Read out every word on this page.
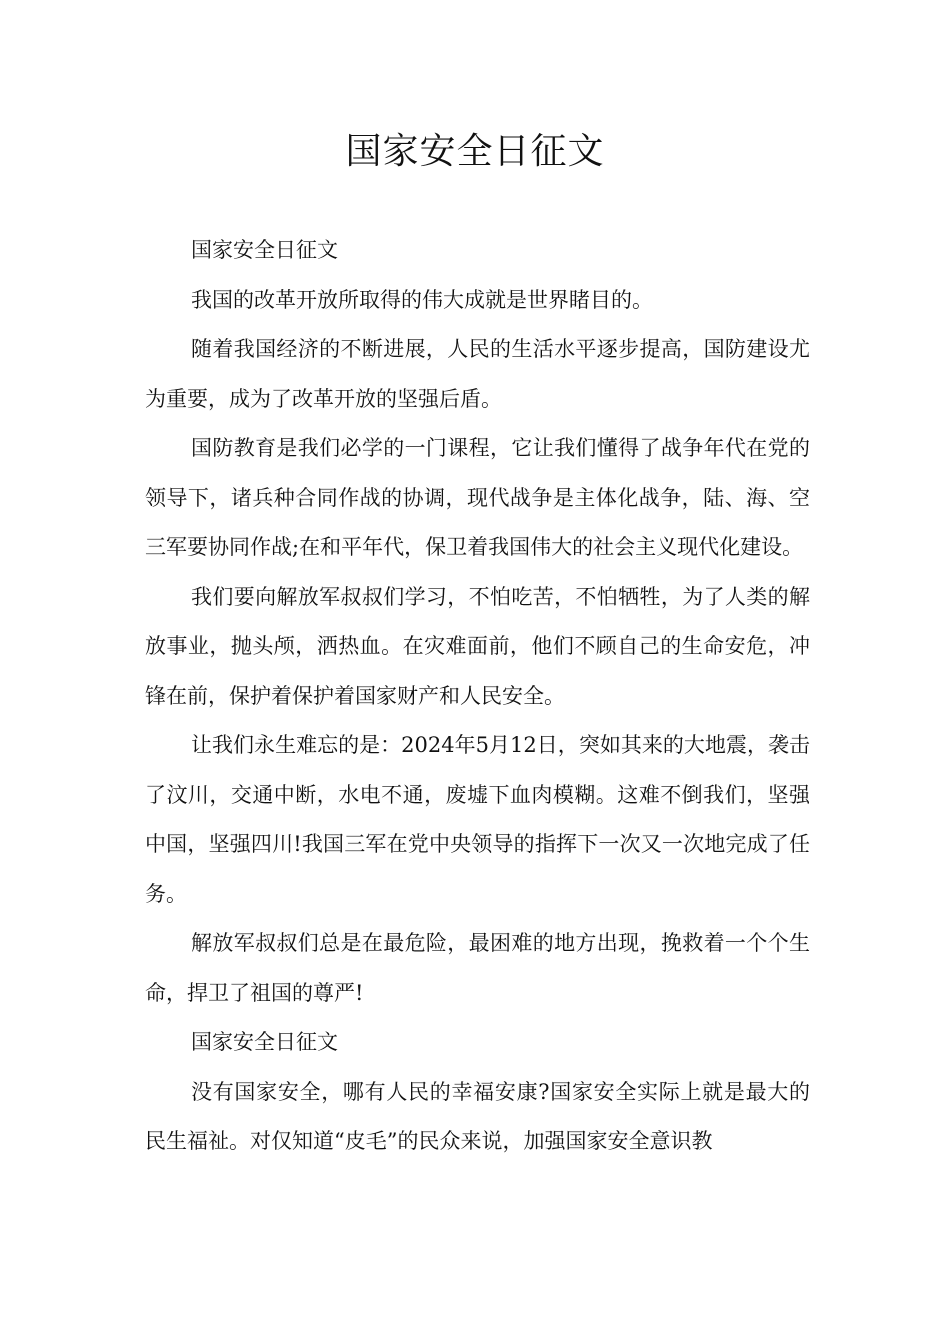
国家安全日征文

国家安全日征文

我国的改革开放所取得的伟大成就是世界睹目的。

随着我国经济的不断进展，人民的生活水平逐步提高，国防建设尤为重要，成为了改革开放的坚强后盾。

国防教育是我们必学的一门课程，它让我们懂得了战争年代在党的领导下，诸兵种合同作战的协调，现代战争是主体化战争，陆、海、空三军要协同作战;在和平年代，保卫着我国伟大的社会主义现代化建设。

我们要向解放军叔叔们学习，不怕吃苦，不怕牺牲，为了人类的解放事业，抛头颅，洒热血。在灾难面前，他们不顾自己的生命安危，冲锋在前，保护着保护着国家财产和人民安全。

让我们永生难忘的是：2024年5月12日，突如其来的大地震，袭击了汶川，交通中断，水电不通，废墟下血肉模糊。这难不倒我们，坚强中国，坚强四川!我国三军在党中央领导的指挥下一次又一次地完成了任务。

解放军叔叔们总是在最危险，最困难的地方出现，挽救着一个个生命，捍卫了祖国的尊严!

国家安全日征文

没有国家安全，哪有人民的幸福安康?国家安全实际上就是最大的民生福祉。对仅知道“皮毛”的民众来说，加强国家安全意识教
